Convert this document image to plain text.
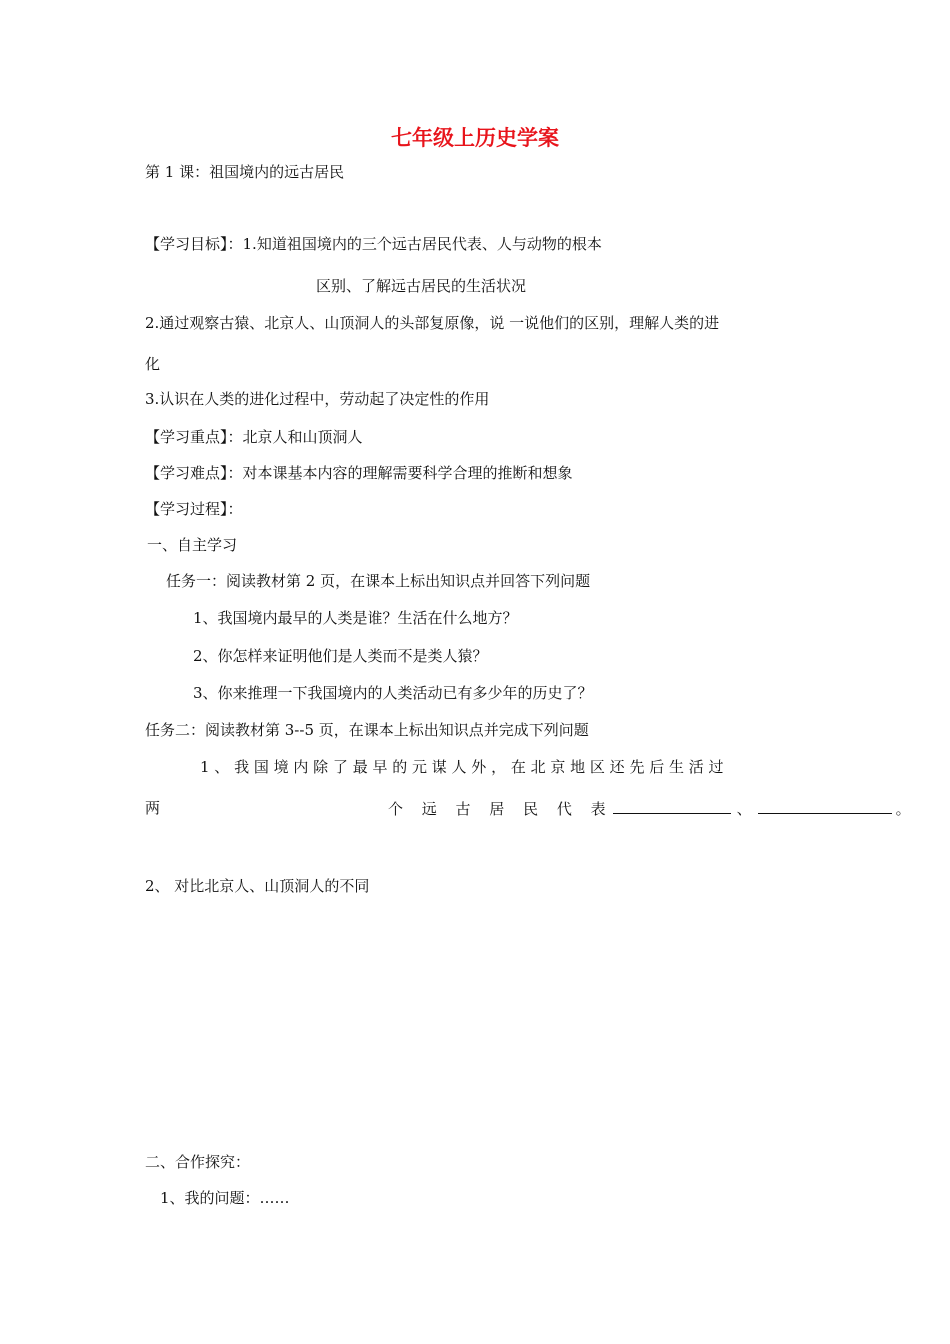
七年级上历史学案
第 1 课：祖国境内的远古居民
【学习目标】：1.知道祖国境内的三个远古居民代表、人与动物的根本
区别、了解远古居民的生活状况
2.通过观察古猿、北京人、山顶洞人的头部复原像，说 一说他们的区别，理解人类的进
化
3.认识在人类的进化过程中，劳动起了决定性的作用
【学习重点】：北京人和山顶洞人
【学习难点】：对本课基本内容的理解需要科学合理的推断和想象
【学习过程】：
一、自主学习
任务一：阅读教材第 2 页，在课本上标出知识点并回答下列问题
1、我国境内最早的人类是谁？生活在什么地方？
2、你怎样来证明他们是人类而不是类人猿？
3、你来推理一下我国境内的人类活动已有多少年的历史了？
任务二：阅读教材第 3--5 页，在课本上标出知识点并完成下列问题
1 、 我 国 境 内 除 了 最 早 的 元 谋 人 外 ， 在 北 京 地 区 还 先 后 生 活 过
两	个 远 古 居 民 代 表	、	。
2、 对比北京人、山顶洞人的不同
二、合作探究：
1、我的问题：……
